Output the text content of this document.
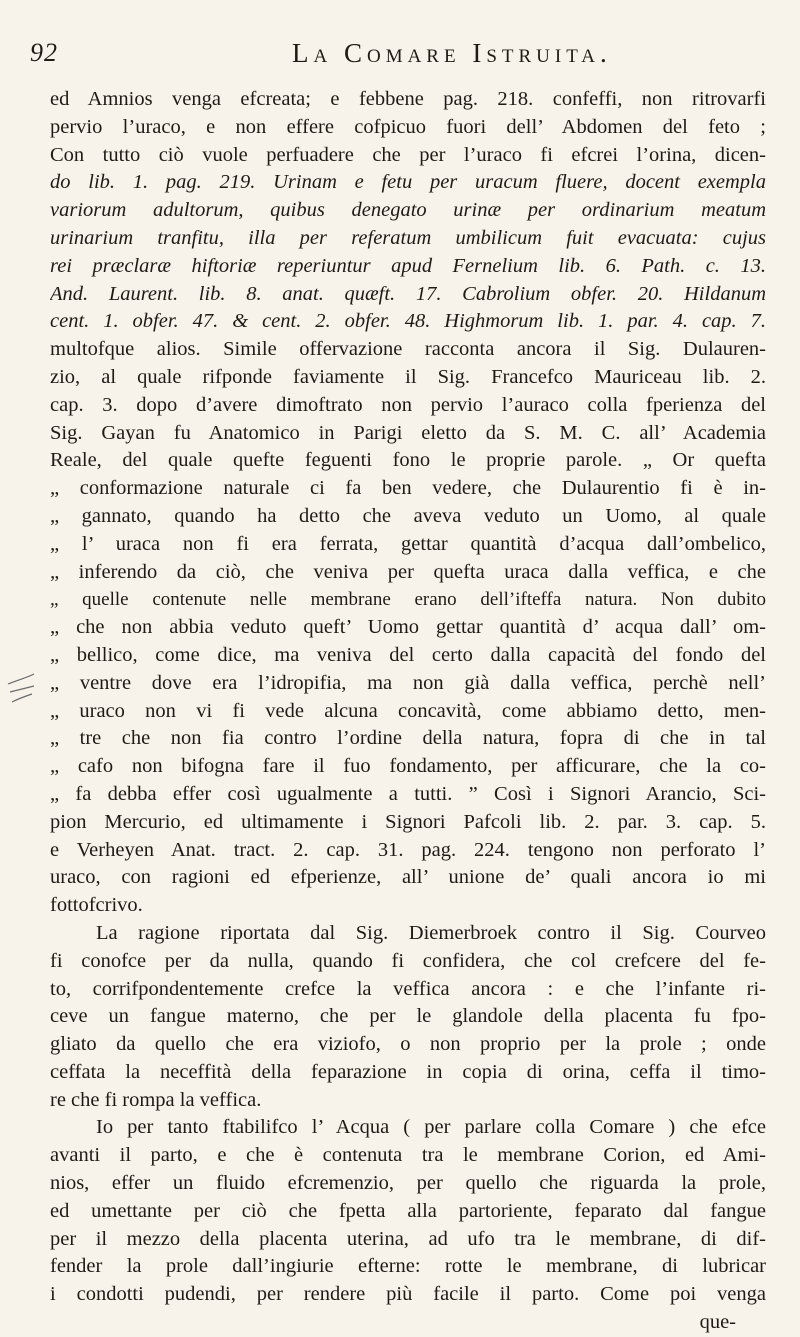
92	La Comare Istruita.
ed Amnios venga efcreata; e febbene pag. 218. confeffi, non ritrovarfi
pervio l’uraco, e non effere cofpicuo fuori dell’ Abdomen del feto ;
Con tutto ciò vuole perfuadere che per l’uraco fi efcrei l’orina, dicen-
do lib. 1. pag. 219. Urinam e fetu per uracum fluere, docent exempla
variorum adultorum, quibus denegato urinæ per ordinarium meatum
urinarium tranfitu, illa per referatum umbilicum fuit evacuata: cujus
rei præclaræ hiftoriæ reperiuntur apud Fernelium lib. 6. Path. c. 13.
And. Laurent. lib. 8. anat. quæft. 17. Cabrolium obfer. 20. Hildanum
cent. 1. obfer. 47. & cent. 2. obfer. 48. Highmorum lib. 1. par. 4. cap. 7.
multofque alios. Simile offervazione racconta ancora il Sig. Dulauren-
zio, al quale rifponde faviamente il Sig. Francefco Mauriceau lib. 2.
cap. 3. dopo d’avere dimoftrato non pervio l’auraco colla fperienza del
Sig. Gayan fu Anatomico in Parigi eletto da S. M. C. all’ Academia
Reale, del quale quefte feguenti fono le proprie parole. „ Or quefta
„ conformazione naturale ci fa ben vedere, che Dulaurentio fi è in-
„ gannato, quando ha detto che aveva veduto un Uomo, al quale
„ l’ uraca non fi era ferrata, gettar quantità d’acqua dall’ombelico,
„ inferendo da ciò, che veniva per quefta uraca dalla veffica, e che
„ quelle contenute nelle membrane erano dell’ifteffa natura. Non dubito
„ che non abbia veduto queft’ Uomo gettar quantità d’ acqua dall’ om-
„ bellico, come dice, ma veniva del certo dalla capacità del fondo del
„ ventre dove era l’idropifia, ma non già dalla veffica, perchè nell’
„ uraco non vi fi vede alcuna concavità, come abbiamo detto, men-
„ tre che non fia contro l’ordine della natura, fopra di che in tal
„ cafo non bifogna fare il fuo fondamento, per afficurare, che la co-
„ fa debba effer così ugualmente a tutti. ” Così i Signori Arancio, Sci-
pion Mercurio, ed ultimamente i Signori Pafcoli lib. 2. par. 3. cap. 5.
e Verheyen Anat. tract. 2. cap. 31. pag. 224. tengono non perforato l’
uraco, con ragioni ed efperienze, all’ unione de’ quali ancora io mi
fottofcrivo.
La ragione riportata dal Sig. Diemerbroek contro il Sig. Courveo
fi conofce per da nulla, quando fi confidera, che col crefcere del fe-
to, corrifpondentemente crefce la veffica ancora : e che l’infante ri-
ceve un fangue materno, che per le glandole della placenta fu fpo-
gliato da quello che era viziofo, o non proprio per la prole ; onde
ceffata la neceffità della feparazione in copia di orina, ceffa il timo-
re che fi rompa la veffica.
Io per tanto ftabilifco l’ Acqua ( per parlare colla Comare ) che efce
avanti il parto, e che è contenuta tra le membrane Corion, ed Ami-
nios, effer un fluido efcremenzio, per quello che riguarda la prole,
ed umettante per ciò che fpetta alla partoriente, feparato dal fangue
per il mezzo della placenta uterina, ad ufo tra le membrane, di dif-
fender la prole dall’ingiurie efterne: rotte le membrane, di lubricar
i condotti pudendi, per rendere più facile il parto. Come poi venga
que-
